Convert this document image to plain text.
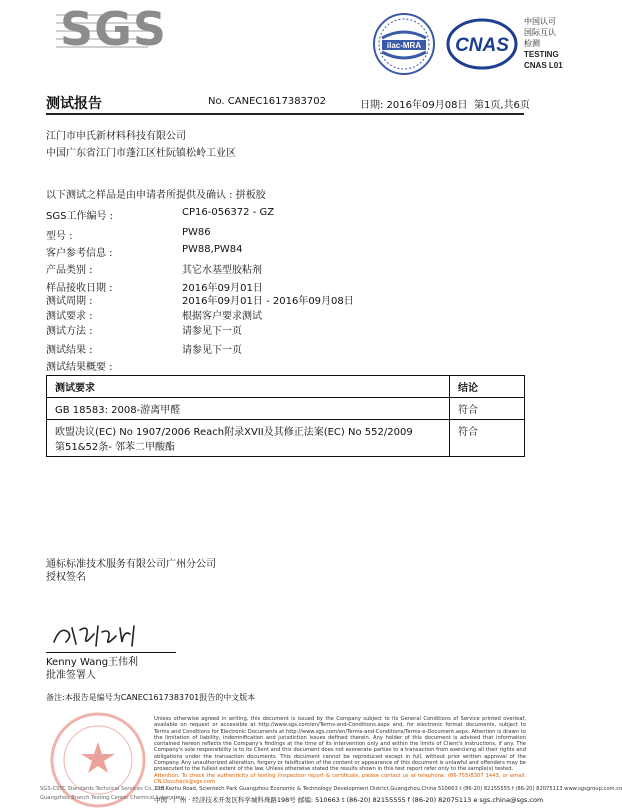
SGS	ilac-MRA CNAS
中国认可
国际互认
检测
TESTING
CNAS L01
测试报告	No. CANEC1617383702	日期: 2016年09月08日 第1页,共6页
江门市申氏新材料科技有限公司
中国广东省江门市蓬江区杜阮镇松岭工业区
以下测试之样品是由申请者所提供及确认 : 拼板胶
SGS工作编号 :	CP16-056372 - GZ
型号 :	PW86
客户参考信息 :	PW88,PW84
产品类别 :	其它水基型胶粘剂
样品接收日期 :	2016年09月01日
测试周期 :	2016年09月01日 - 2016年09月08日
测试要求 :	根据客户要求测试
测试方法 :	请参见下一页
测试结果 :	请参见下一页
测试结果概要 :
测试要求	结论

GB 18583: 2008-游离甲醛	符合

欧盟决议(EC) No 1907/2006 Reach附录XVII及其修正法案(EC) No 552/2009
第51&52条- 邻苯二甲酸酯	符合
通标标准技术服务有限公司广州分公司
授权签名
Kenny Wang王伟利
批准签署人
备注:本报告是编号为CANEC1617383701报告的中文版本
Unless otherwise agreed in writing, this document is issued by the Company subject to its General Conditions of Service printed overleaf, available on request or accessible at http://www.sgs.com/en/Terms-and-Conditions.aspx and, for electronic format documents, subject to Terms and Conditions for Electronic Documents at http://www.sgs.com/en/Terms-and-Conditions/Terms-e-Document.aspx. Attention is drawn to the limitation of liability, indemnification and jurisdiction issues defined therein. Any holder of this document is advised that information contained hereon reflects the Company's findings at the time of its intervention only and within the limits of Client's instructions, if any. The Company's sole responsibility is to its Client and this document does not exonerate parties to a transaction from exercising all their rights and obligations under the transaction documents. This document cannot be reproduced except in full, without prior written approval of the Company. Any unauthorized alteration, forgery or falsification of the content or appearance of this document is unlawful and offenders may be prosecuted to the fullest extent of the law. Unless otherwise stated the results shown in this test report refer only to the sample(s) tested.
Attention: To check the authenticity of testing /inspection report & certificate, please contact us at telephone: (86-755)8307 1443, or email: CN.Doccheck@sgs.com
198 Kezhu Road, Scientech Park Guangzhou Economic & Technology Development District,Guangzhou,China 510663 t (86-20) 82155555 f (86-20) 82075113 www.sgsgroup.com.cn
中国 · 广州 · 经济技术开发区科学城科珠路198号 邮编: 510663 t (86-20) 82155555 f (86-20) 82075113 e sgs.china@sgs.com
SGS-CSTC Standards Technical Services Co., Ltd.
Guangzhou Branch Testing Center Chemical Laboratory
